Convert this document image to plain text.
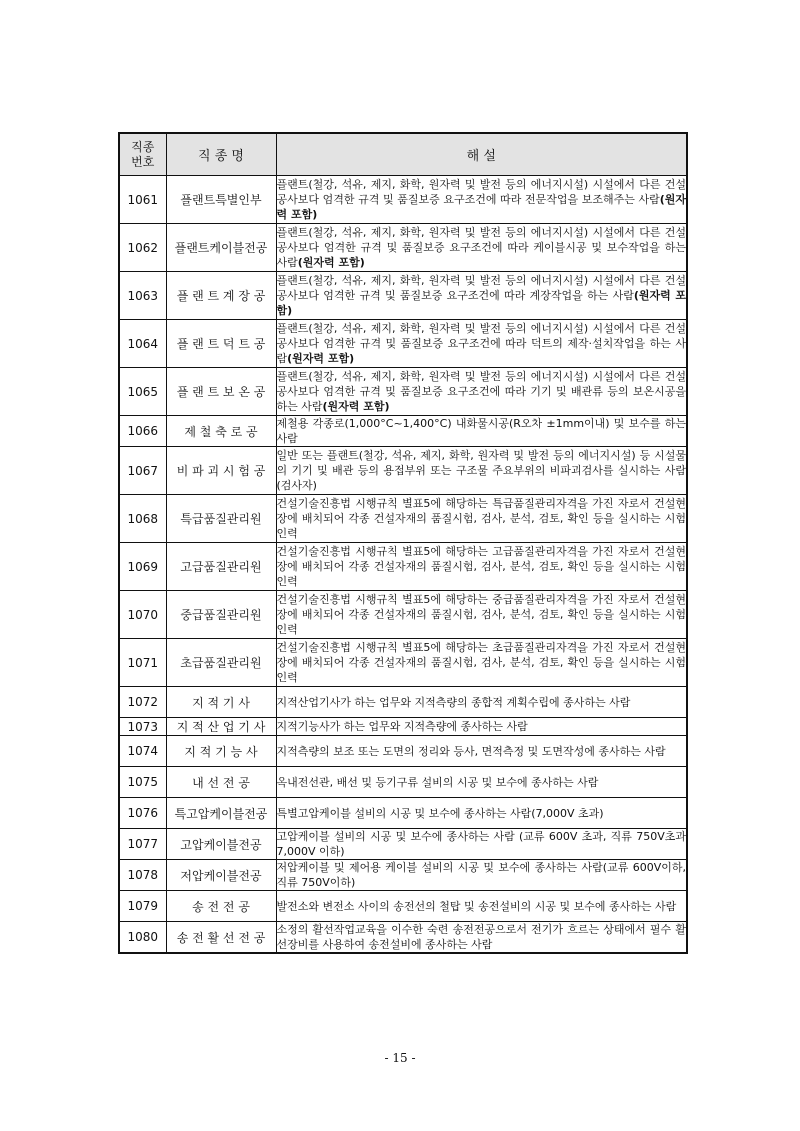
직종
번호	직 종 명	해 설
1061	플랜트특별인부	플랜트(철강, 석유, 제지, 화학, 원자력 및 발전 등의 에너지시설) 시설에서 다른 건설공사보다 엄격한 규격 및 품질보증 요구조건에 따라 전문작업을 보조해주는 사람(원자력 포함)
1062	플랜트케이블전공	플랜트(철강, 석유, 제지, 화학, 원자력 및 발전 등의 에너지시설) 시설에서 다른 건설공사보다 엄격한 규격 및 품질보증 요구조건에 따라 케이블시공 및 보수작업을 하는 사람(원자력 포함)
1063	플 랜 트 계 장 공	플랜트(철강, 석유, 제지, 화학, 원자력 및 발전 등의 에너지시설) 시설에서 다른 건설공사보다 엄격한 규격 및 품질보증 요구조건에 따라 계장작업을 하는 사람(원자력 포함)
1064	플 랜 트 덕 트 공	플랜트(철강, 석유, 제지, 화학, 원자력 및 발전 등의 에너지시설) 시설에서 다른 건설공사보다 엄격한 규격 및 품질보증 요구조건에 따라 덕트의 제작·설치작업을 하는 사람(원자력 포함)
1065	플 랜 트 보 온 공	플랜트(철강, 석유, 제지, 화학, 원자력 및 발전 등의 에너지시설) 시설에서 다른 건설공사보다 엄격한 규격 및 품질보증 요구조건에 따라 기기 및 배관류 등의 보온시공을 하는 사람(원자력 포함)
1066	제 철 축 로 공	제철용 각종로(1,000°C~1,400°C) 내화물시공(R오차 ±1mm이내) 및 보수를 하는 사람
1067	비 파 괴 시 험 공	일반 또는 플랜트(철강, 석유, 제지, 화학, 원자력 및 발전 등의 에너지시설) 등 시설물의 기기 및 배관 등의 용접부위 또는 구조물 주요부위의 비파괴검사를 실시하는 사람(검사자)
1068	특급품질관리원	건설기술진흥법 시행규칙 별표5에 해당하는 특급품질관리자격을 가진 자로서 건설현장에 배치되어 각종 건설자재의 품질시험, 검사, 분석, 검토, 확인 등을 실시하는 시험인력
1069	고급품질관리원	건설기술진흥법 시행규칙 별표5에 해당하는 고급품질관리자격을 가진 자로서 건설현장에 배치되어 각종 건설자재의 품질시험, 검사, 분석, 검토, 확인 등을 실시하는 시험인력
1070	중급품질관리원	건설기술진흥법 시행규칙 별표5에 해당하는 중급품질관리자격을 가진 자로서 건설현장에 배치되어 각종 건설자재의 품질시험, 검사, 분석, 검토, 확인 등을 실시하는 시험인력
1071	초급품질관리원	건설기술진흥법 시행규칙 별표5에 해당하는 초급품질관리자격을 가진 자로서 건설현장에 배치되어 각종 건설자재의 품질시험, 검사, 분석, 검토, 확인 등을 실시하는 시험인력
1072	지 적 기 사	지적산업기사가 하는 업무와 지적측량의 종합적 계획수립에 종사하는 사람
1073	지 적 산 업 기 사	지적기능사가 하는 업무와 지적측량에 종사하는 사람
1074	지 적 기 능 사	지적측량의 보조 또는 도면의 정리와 등사, 면적측정 및 도면작성에 종사하는 사람
1075	내 선 전 공	옥내전선관, 배선 및 등기구류 설비의 시공 및 보수에 종사하는 사람
1076	특고압케이블전공	특별고압케이블 설비의 시공 및 보수에 종사하는 사람(7,000V 초과)
1077	고압케이블전공	고압케이블 설비의 시공 및 보수에 종사하는 사람 (교류 600V 초과, 직류 750V초과 7,000V 이하)
1078	저압케이블전공	저압케이블 및 제어용 케이블 설비의 시공 및 보수에 종사하는 사람(교류 600V이하, 직류 750V이하)
1079	송 전 전 공	발전소와 변전소 사이의 송전선의 철탑 및 송전설비의 시공 및 보수에 종사하는 사람
1080	송 전 활 선 전 공	소정의 활선작업교육을 이수한 숙련 송전전공으로서 전기가 흐르는 상태에서 필수 활선장비를 사용하여 송전설비에 종사하는 사람
- 15 -
